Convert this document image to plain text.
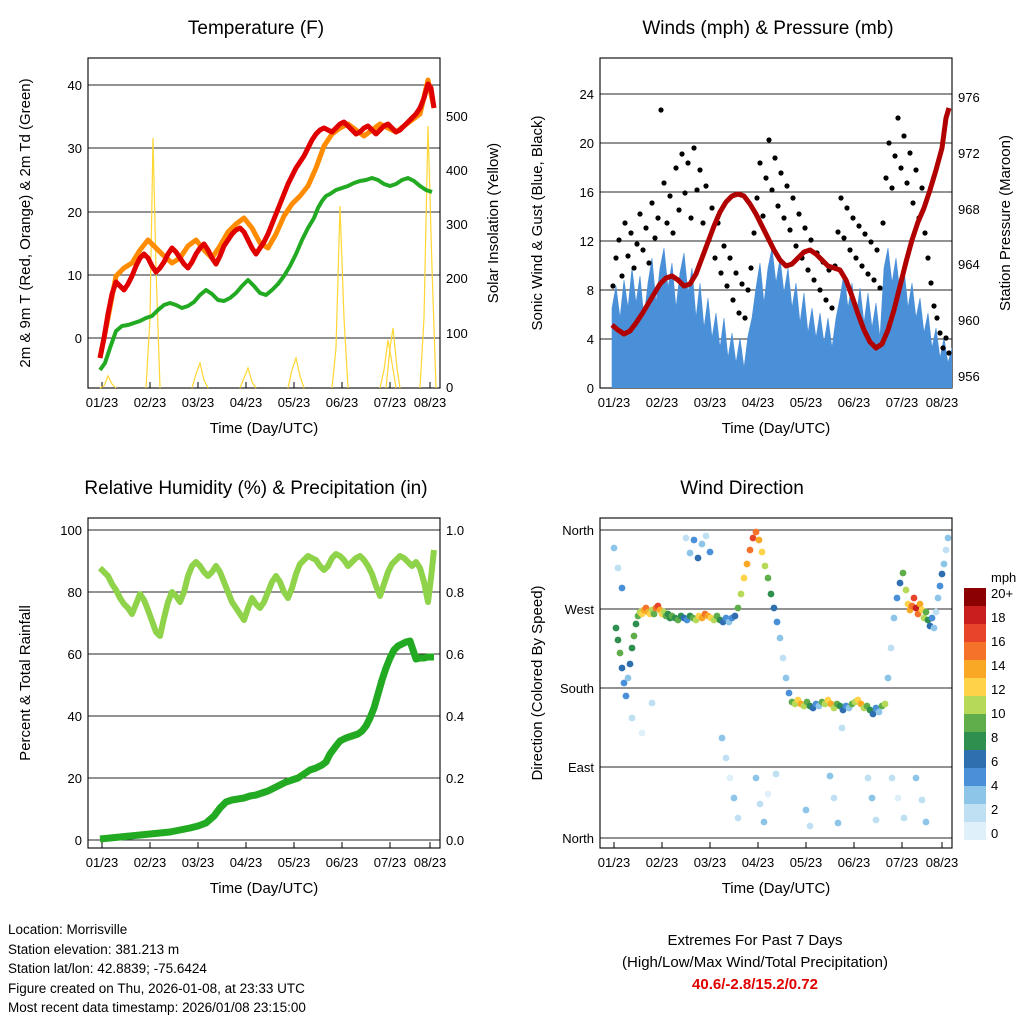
Temperature (F)
0
10
20
30
40
0
100
200
300
400
500
01/23 02/23 03/23 04/23 05/23 06/23 07/23 08/23
2m & 9m T (Red, Orange) & 2m Td (Green)	Solar Insolation (Yellow)
Time (Day/UTC)
Winds (mph) & Pressure (mb)
0
4
8
12
16
20
24
956
960
964
968
972
976
01/23 02/23 03/23 04/23 05/23 06/23 07/23 08/23
Sonic Wind & Gust (Blue, Black)	Station Pressure (Maroon)
Time (Day/UTC)
Relative Humidity (%) & Precipitation (in)
0
20
40
60
80
100
0.0
0.2
0.4
0.6
0.8
1.0
01/23 02/23 03/23 04/23 05/23 06/23 07/23 08/23
Percent & Total Rainfall
Time (Day/UTC)
Wind Direction
North
West
South
East
North
01/23 02/23 03/23 04/23 05/23 06/23 07/23 08/23
Direction (Colored By Speed)
Time (Day/UTC)
mph
20+
18
16
14
12
10
8
6
4
2
0
Location: Morrisville
Station elevation: 381.213 m
Station lat/lon: 42.8839; -75.6424
Figure created on Thu, 2026-01-08, at 23:33 UTC
Most recent data timestamp: 2026/01/08 23:15:00
Extremes For Past 7 Days
(High/Low/Max Wind/Total Precipitation)
40.6/-2.8/15.2/0.72
